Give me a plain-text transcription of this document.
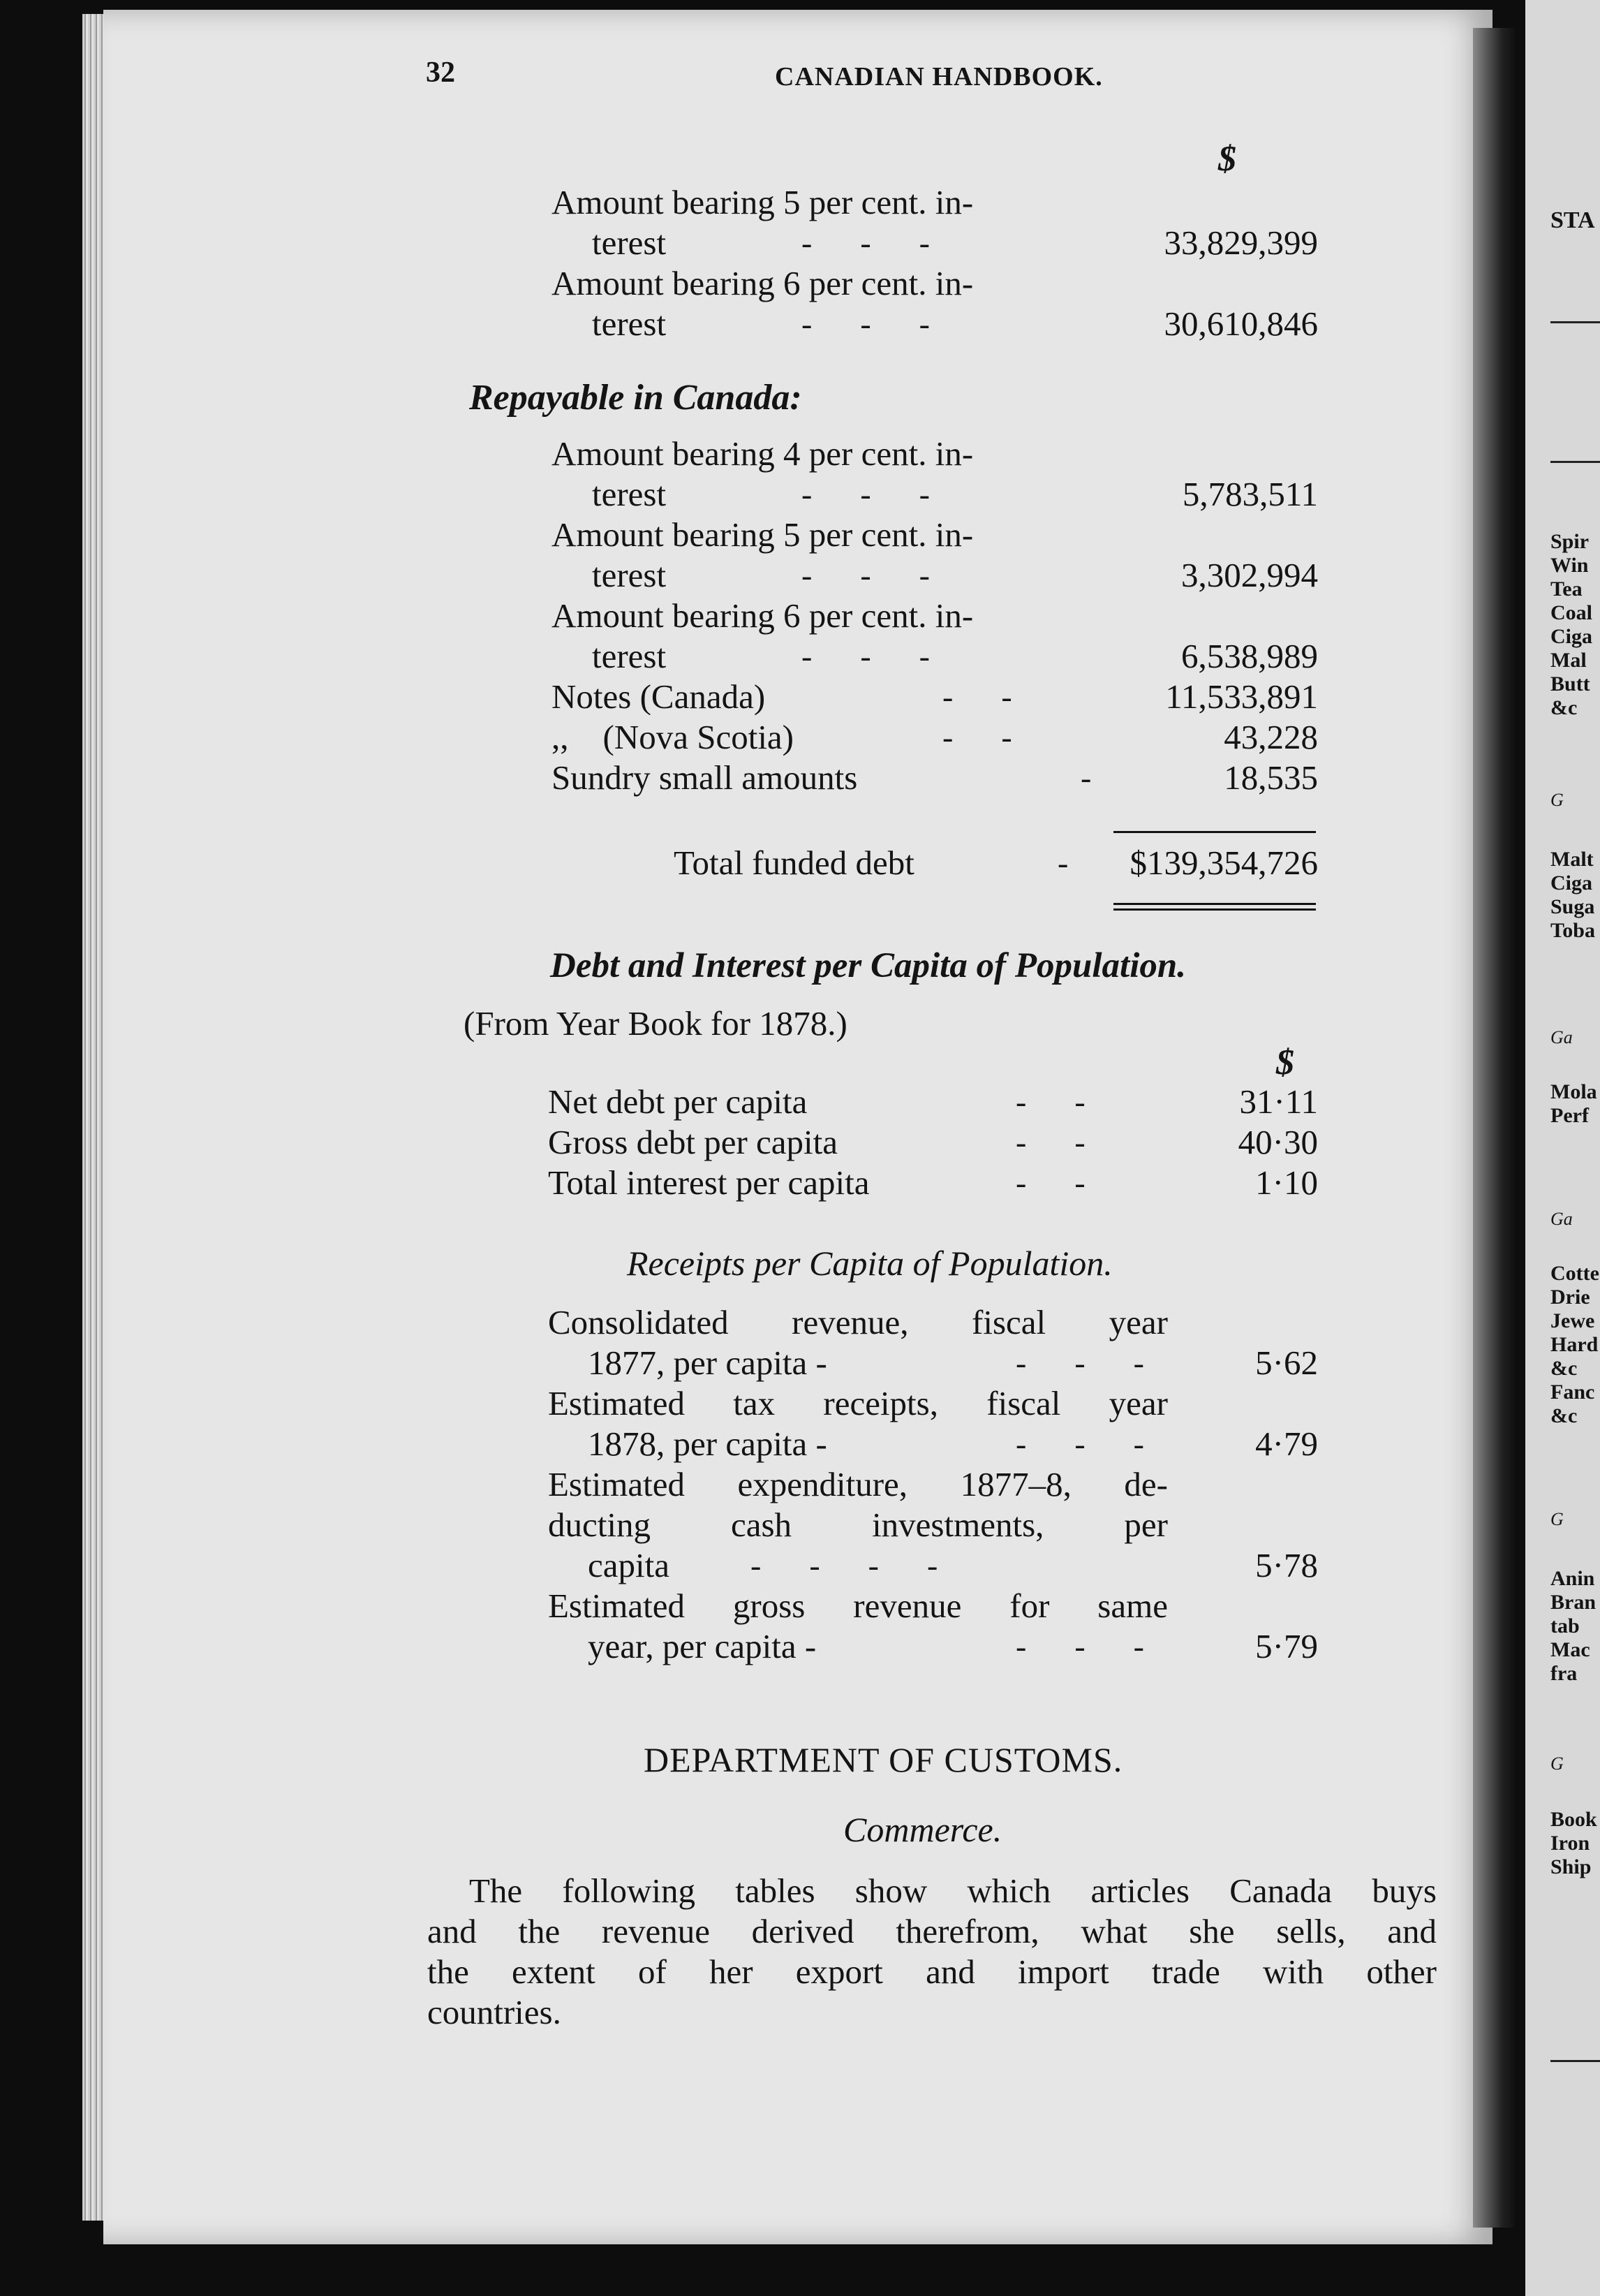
STA
Spir
Win
Tea
Coal
Ciga
Mal
Butt
&c
G
Malt
Ciga
Suga
Toba
Ga
Mola
Perf
Ga
Cotte
Drie
Jewe
Hard
&c
Fanc
&c
G
Anin
Bran
tab
Mac
fra
G
Book
Iron
Ship
32	CANADIAN HANDBOOK.
$
Amount bearing 5 per cent. in-
terest	-      -      -	33,829,399
Amount bearing 6 per cent. in-
terest	-      -      -	30,610,846
Repayable in Canada:
Amount bearing 4 per cent. in-
terest	-      -      -	5,783,511
Amount bearing 5 per cent. in-
terest	-      -      -	3,302,994
Amount bearing 6 per cent. in-
terest	-      -      -	6,538,989
Notes (Canada)	-      -	11,533,891
,,    (Nova Scotia)	-      -	43,228
Sundry small amounts	-	18,535
Total funded debt	-	$139,354,726
Debt and Interest per Capita of Population.
(From Year Book for 1878.)
$
Net debt per capita	-      -	31·11
Gross debt per capita	-      -	40·30
Total interest per capita	-      -	1·10
Receipts per Capita of Population.
Consolidated revenue, fiscal year
1877, per capita -	-      -      -	5·62
Estimated tax receipts, fiscal year
1878, per capita -	-      -      -	4·79
Estimated expenditure, 1877–8, de-
ducting cash investments, per
capita	-      -      -      -	5·78
Estimated gross revenue for same
year, per capita -	-      -      -	5·79
DEPARTMENT OF CUSTOMS.
Commerce.
The following tables show which articles Canada buys
and the revenue derived therefrom, what she sells, and
the extent of her export and import trade with other
countries.
